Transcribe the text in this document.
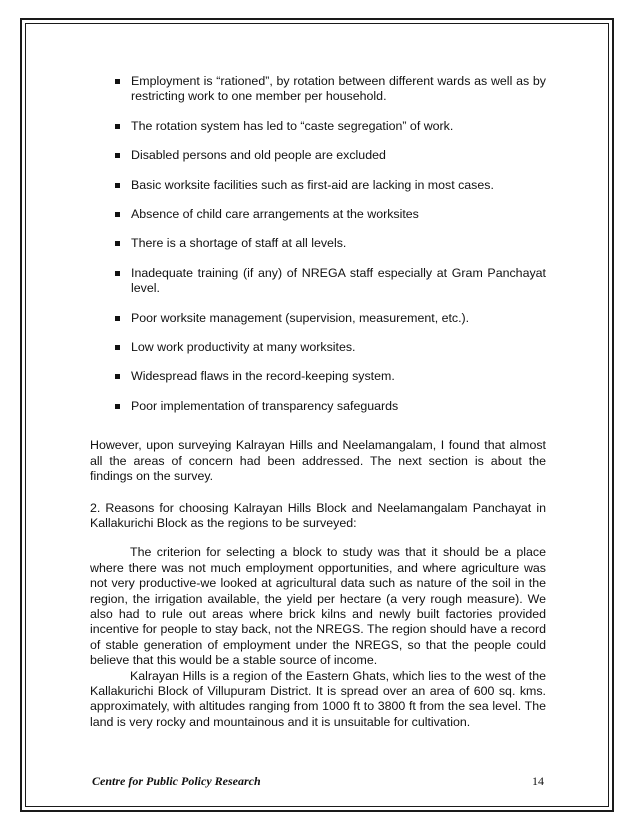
Employment is “rationed”, by rotation between different wards as well as by restricting work to one member per household.
The rotation system has led to “caste segregation” of work.
Disabled persons and old people are excluded
Basic worksite facilities such as first-aid are lacking in most cases.
Absence of child care arrangements at the worksites
There is a shortage of staff at all levels.
Inadequate training (if any) of NREGA staff especially at Gram Panchayat level.
Poor worksite management (supervision, measurement, etc.).
Low work productivity at many worksites.
Widespread flaws in the record-keeping system.
Poor implementation of transparency safeguards

However, upon surveying Kalrayan Hills and Neelamangalam, I found that almost all the areas of concern had been addressed. The next section is about the findings on the survey.

2. Reasons for choosing Kalrayan Hills Block and Neelamangalam Panchayat in Kallakurichi Block as the regions to be surveyed:

The criterion for selecting a block to study was that it should be a place where there was not much employment opportunities, and where agriculture was not very productive-we looked at agricultural data such as nature of the soil in the region, the irrigation available, the yield per hectare (a very rough measure). We also had to rule out areas where brick kilns and newly built factories provided incentive for people to stay back, not the NREGS. The region should have a record of stable generation of employment under the NREGS, so that the people could believe that this would be a stable source of income.

Kalrayan Hills is a region of the Eastern Ghats, which lies to the west of the Kallakurichi Block of Villupuram District. It is spread over an area of 600 sq. kms. approximately, with altitudes ranging from 1000 ft to 3800 ft from the sea level. The land is very rocky and mountainous and it is unsuitable for cultivation.

Centre for Public Policy Research	14
